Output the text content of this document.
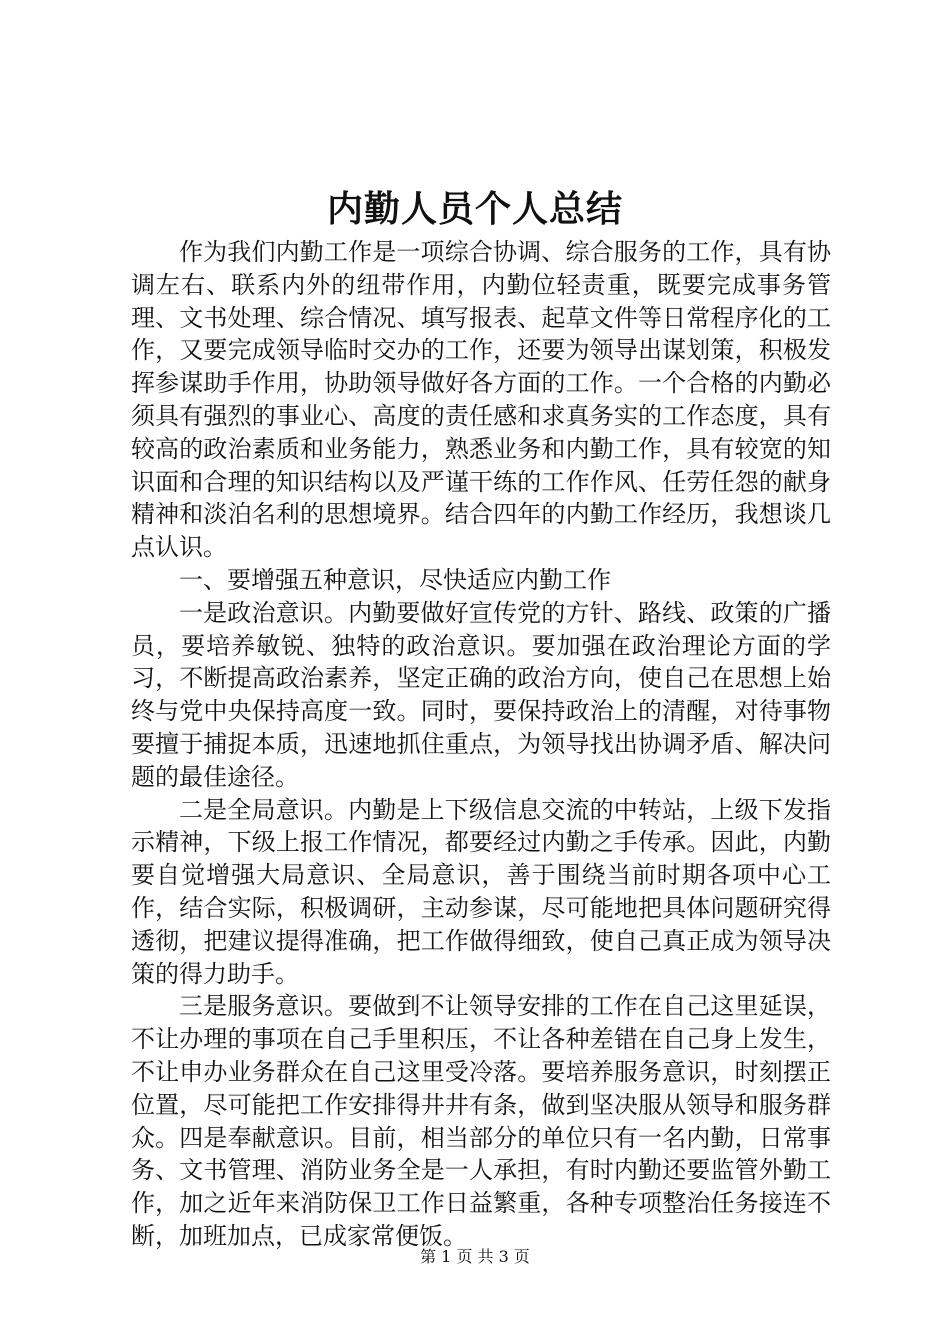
内勤人员个人总结

作为我们内勤工作是一项综合协调、综合服务的工作，具有协调左右、联系内外的纽带作用，内勤位轻责重，既要完成事务管理、文书处理、综合情况、填写报表、起草文件等日常程序化的工作，又要完成领导临时交办的工作，还要为领导出谋划策，积极发挥参谋助手作用，协助领导做好各方面的工作。一个合格的内勤必须具有强烈的事业心、高度的责任感和求真务实的工作态度，具有较高的政治素质和业务能力，熟悉业务和内勤工作，具有较宽的知识面和合理的知识结构以及严谨干练的工作作风、任劳任怨的献身精神和淡泊名利的思想境界。结合四年的内勤工作经历，我想谈几点认识。

一、要增强五种意识，尽快适应内勤工作

一是政治意识。内勤要做好宣传党的方针、路线、政策的广播员，要培养敏锐、独特的政治意识。要加强在政治理论方面的学习，不断提高政治素养，坚定正确的政治方向，使自己在思想上始终与党中央保持高度一致。同时，要保持政治上的清醒，对待事物要擅于捕捉本质，迅速地抓住重点，为领导找出协调矛盾、解决问题的最佳途径。

二是全局意识。内勤是上下级信息交流的中转站，上级下发指示精神，下级上报工作情况，都要经过内勤之手传承。因此，内勤要自觉增强大局意识、全局意识，善于围绕当前时期各项中心工作，结合实际，积极调研，主动参谋，尽可能地把具体问题研究得透彻，把建议提得准确，把工作做得细致，使自己真正成为领导决策的得力助手。

三是服务意识。要做到不让领导安排的工作在自己这里延误，不让办理的事项在自己手里积压，不让各种差错在自己身上发生，不让申办业务群众在自己这里受冷落。要培养服务意识，时刻摆正位置，尽可能把工作安排得井井有条，做到坚决服从领导和服务群众。四是奉献意识。目前，相当部分的单位只有一名内勤，日常事务、文书管理、消防业务全是一人承担，有时内勤还要监管外勤工作，加之近年来消防保卫工作日益繁重，各种专项整治任务接连不断，加班加点，已成家常便饭。

第 1 页 共 3 页
